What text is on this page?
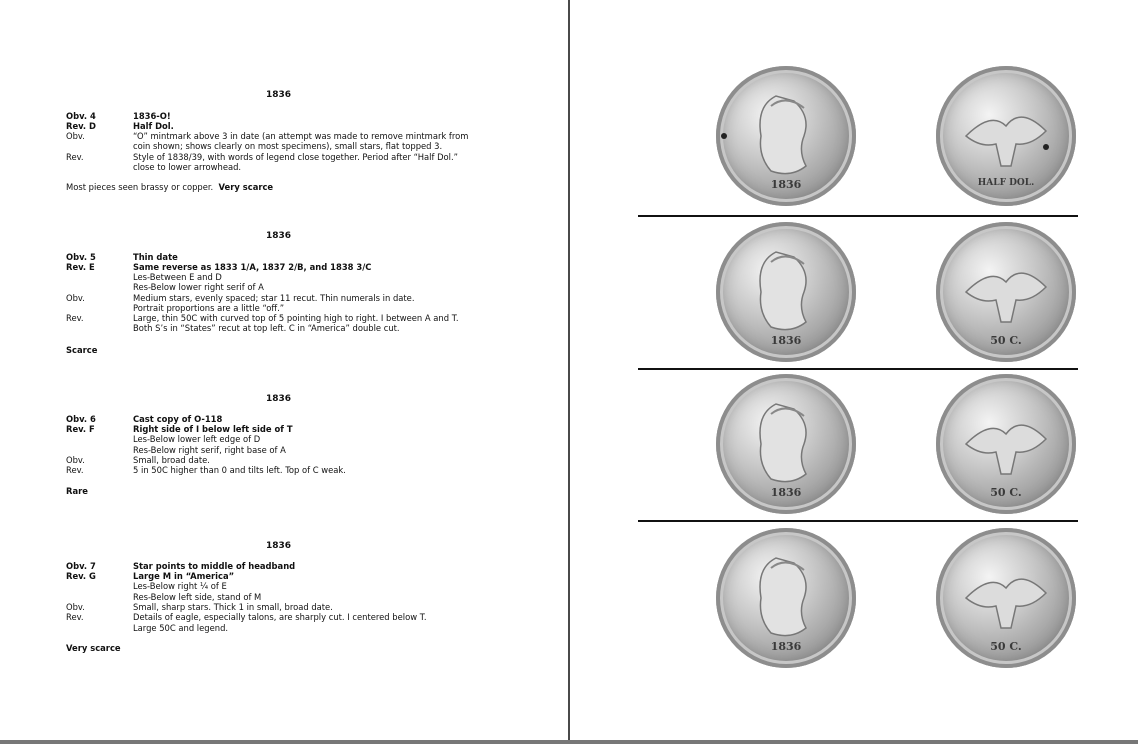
1836
Obv. 4	1836-O!
Rev. D	Half Dol.
Obv.	“O” mintmark above 3 in date (an attempt was made to remove mintmark from
coin shown; shows clearly on most specimens), small stars, flat topped 3.
Rev.	Style of 1838/39, with words of legend close together. Period after “Half Dol.”
close to lower arrowhead.
Most pieces seen brassy or copper. Very scarce
1836
Obv. 5	Thin date
Rev. E	Same reverse as 1833 1/A, 1837 2/B, and 1838 3/C
Les-Between E and D
Res-Below lower right serif of A
Obv.	Medium stars, evenly spaced; star 11 recut. Thin numerals in date.
Portrait proportions are a little “off.”
Rev.	Large, thin 50C with curved top of 5 pointing high to right. I between A and T.
Both S’s in “States” recut at top left. C in “America” double cut.
Scarce
1836
Obv. 6	Cast copy of O-118
Rev. F	Right side of I below left side of T
Les-Below lower left edge of D
Res-Below right serif, right base of A
Obv.	Small, broad date.
Rev.	5 in 50C higher than 0 and tilts left. Top of C weak.
Rare
1836
Obv. 7	Star points to middle of headband
Rev. G	Large M in “America”
Les-Below right ¼ of E
Res-Below left side, stand of M
Obv.	Small, sharp stars. Thick 1 in small, broad date.
Rev.	Details of eagle, especially talons, are sharply cut. I centered below T.
Large 50C and legend.
Very scarce
1836	HALF DOL.
1836	50 C.
1836	50 C.
1836	50 C.
